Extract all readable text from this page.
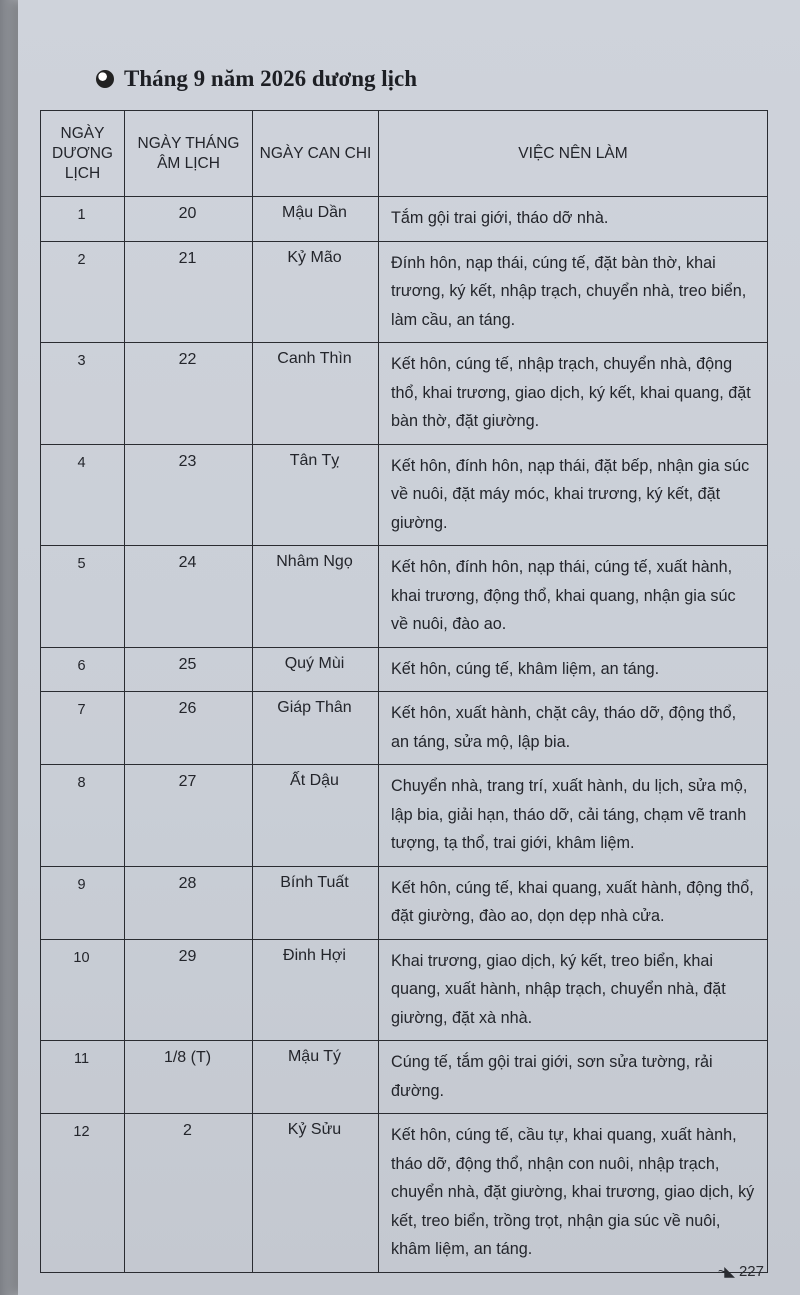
Tháng 9 năm 2026 dương lịch
NGÀY DƯƠNG LỊCH	NGÀY THÁNG ÂM LỊCH	NGÀY CAN CHI	VIỆC NÊN LÀM
1	20	Mậu Dần	Tắm gội trai giới, tháo dỡ nhà.
2	21	Kỷ Mão	Đính hôn, nạp thái, cúng tế, đặt bàn thờ, khai trương, ký kết, nhập trạch, chuyển nhà, treo biển, làm cầu, an táng.
3	22	Canh Thìn	Kết hôn, cúng tế, nhập trạch, chuyển nhà, động thổ, khai trương, giao dịch, ký kết, khai quang, đặt bàn thờ, đặt giường.
4	23	Tân Tỵ	Kết hôn, đính hôn, nạp thái, đặt bếp, nhận gia súc về nuôi, đặt máy móc, khai trương, ký kết, đặt giường.
5	24	Nhâm Ngọ	Kết hôn, đính hôn, nạp thái, cúng tế, xuất hành, khai trương, động thổ, khai quang, nhận gia súc về nuôi, đào ao.
6	25	Quý Mùi	Kết hôn, cúng tế, khâm liệm, an táng.
7	26	Giáp Thân	Kết hôn, xuất hành, chặt cây, tháo dỡ, động thổ, an táng, sửa mộ, lập bia.
8	27	Ất Dậu	Chuyển nhà, trang trí, xuất hành, du lịch, sửa mộ, lập bia, giải hạn, tháo dỡ, cải táng, chạm vẽ tranh tượng, tạ thổ, trai giới, khâm liệm.
9	28	Bính Tuất	Kết hôn, cúng tế, khai quang, xuất hành, động thổ, đặt giường, đào ao, dọn dẹp nhà cửa.
10	29	Đinh Hợi	Khai trương, giao dịch, ký kết, treo biển, khai quang, xuất hành, nhập trạch, chuyển nhà, đặt giường, đặt xà nhà.
11	1/8 (T)	Mậu Tý	Cúng tế, tắm gội trai giới, sơn sửa tường, rải đường.
12	2	Kỷ Sửu	Kết hôn, cúng tế, cầu tự, khai quang, xuất hành, tháo dỡ, động thổ, nhận con nuôi, nhập trạch, chuyển nhà, đặt giường, khai trương, giao dịch, ký kết, treo biển, trồng trọt, nhận gia súc về nuôi, khâm liệm, an táng.
~◣ 227
